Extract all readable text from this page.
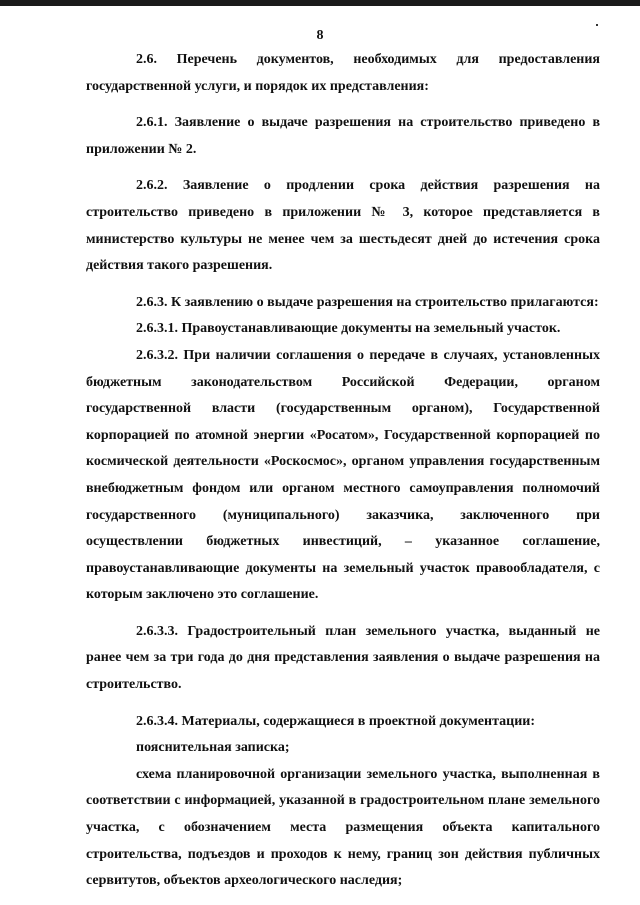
8

2.6. Перечень документов, необходимых для предоставления государственной услуги, и порядок их представления:

2.6.1. Заявление о выдаче разрешения на строительство приведено в приложении № 2.

2.6.2. Заявление о продлении срока действия разрешения на строительство приведено в приложении № 3, которое представляется в министерство культуры не менее чем за шестьдесят дней до истечения срока действия такого разрешения.

2.6.3. К заявлению о выдаче разрешения на строительство прилагаются:

2.6.3.1. Правоустанавливающие документы на земельный участок.

2.6.3.2. При наличии соглашения о передаче в случаях, установленных бюджетным законодательством Российской Федерации, органом государственной власти (государственным органом), Государственной корпорацией по атомной энергии «Росатом», Государственной корпорацией по космической деятельности «Роскосмос», органом управления государственным внебюджетным фондом или органом местного самоуправления полномочий государственного (муниципального) заказчика, заключенного при осуществлении бюджетных инвестиций, – указанное соглашение, правоустанавливающие документы на земельный участок правообладателя, с которым заключено это соглашение.

2.6.3.3. Градостроительный план земельного участка, выданный не ранее чем за три года до дня представления заявления о выдаче разрешения на строительство.

2.6.3.4. Материалы, содержащиеся в проектной документации:

пояснительная записка;

схема планировочной организации земельного участка, выполненная в соответствии с информацией, указанной в градостроительном плане земельного участка, с обозначением места размещения объекта капитального строительства, подъездов и проходов к нему, границ зон действия публичных сервитутов, объектов археологического наследия;
